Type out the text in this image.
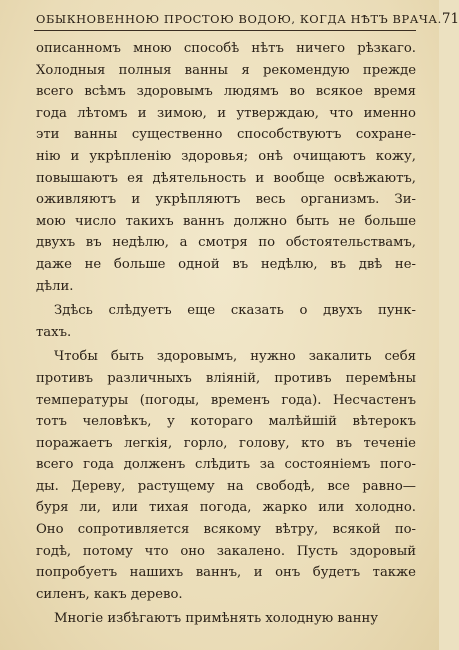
ОБЫКНОВЕННОЮ ПРОСТОЮ ВОДОЮ, КОГДА НѢТЪ ВРАЧА. 71
описанномъ мною способѣ нѣтъ ничего рѣзкаго.
Холодныя полныя ванны я рекомендую прежде
всего всѣмъ здоровымъ людямъ во всякое время
года лѣтомъ и зимою, и утверждаю, что именно
эти ванны существенно способствуютъ сохране-
нію и укрѣпленію здоровья; онѣ очищаютъ кожу,
повышаютъ ея дѣятельность и вообще освѣжаютъ,
оживляютъ и укрѣпляютъ весь организмъ. Зи-
мою число такихъ ваннъ должно быть не больше
двухъ въ недѣлю, а смотря по обстоятельствамъ,
даже не больше одной въ недѣлю, въ двѣ не-
дѣли.
Здѣсь слѣдуетъ еще сказать о двухъ пунк-
тахъ.
Чтобы быть здоровымъ, нужно закалить себя
противъ различныхъ вліяній, противъ перемѣны
температуры (погоды, временъ года). Несчастенъ
тотъ человѣкъ, у котораго малѣйшій вѣтерокъ
поражаетъ легкія, горло, голову, кто въ теченіе
всего года долженъ слѣдить за состояніемъ пого-
ды. Дереву, растущему на свободѣ, все равно—
буря ли, или тихая погода, жарко или холодно.
Оно сопротивляется всякому вѣтру, всякой по-
годѣ, потому что оно закалено. Пусть здоровый
попробуетъ нашихъ ваннъ, и онъ будетъ также
силенъ, какъ дерево.
Многіе избѣгаютъ примѣнять холодную ванну
